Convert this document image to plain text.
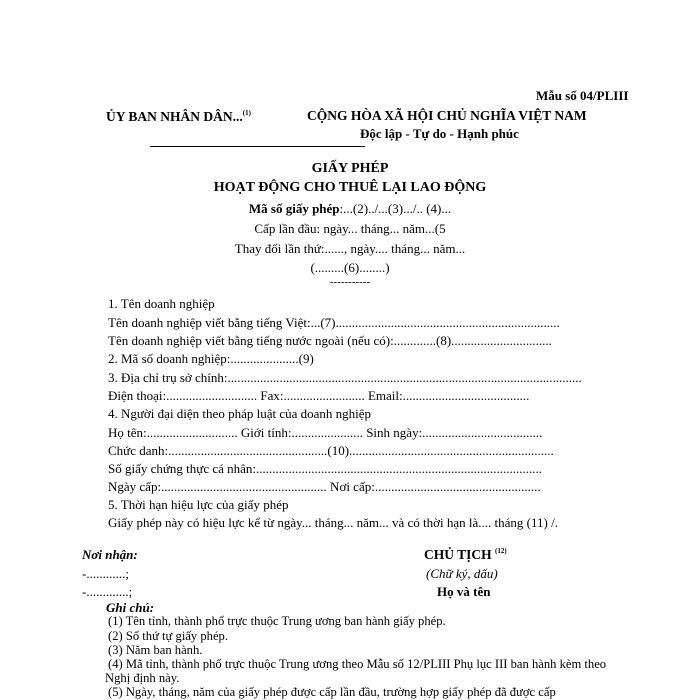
Mẫu số 04/PLIII
ỦY BAN NHÂN DÂN...$^{(1)}$	CỘNG HÒA XÃ HỘI CHỦ NGHĨA VIỆT NAM
Độc lập - Tự do - Hạnh phúc
GIẤY PHÉP
HOẠT ĐỘNG CHO THUÊ LẠI LAO ĐỘNG
Mã số giấy phép:...(2)../...(3).../.. (4)...
Cấp lần đầu: ngày... tháng... năm...(5
Thay đổi lần thứ:......, ngày.... tháng... năm...
(.........(6)........)
-----------
1. Tên doanh nghiệp
Tên doanh nghiệp viết bằng tiếng Việt:...(7).....................................................................
Tên doanh nghiệp viết bằng tiếng nước ngoài (nếu có):.............(8)...............................
2. Mã số doanh nghiệp:.....................(9)
3. Địa chỉ trụ sở chính:.............................................................................................................
Điện thoại:............................ Fax:......................... Email:.......................................
4. Người đại diện theo pháp luật của doanh nghiệp
Họ tên:............................ Giới tính:...................... Sinh ngày:.....................................
Chức danh:.................................................(10)...............................................................
Số giấy chứng thực cá nhân:........................................................................................
Ngày cấp:................................................... Nơi cấp:...................................................
5. Thời hạn hiệu lực của giấy phép
Giấy phép này có hiệu lực kể từ ngày... tháng... năm... và có thời hạn là.... tháng (11) /.
Nơi nhận:
-............;
-.............;
CHỦ TỊCH $^{(12)}$
(Chữ ký, dấu)
Họ và tên
Ghi chú:
(1) Tên tỉnh, thành phố trực thuộc Trung ương ban hành giấy phép.
(2) Số thứ tự giấy phép.
(3) Năm ban hành.
(4) Mã tỉnh, thành phố trực thuộc Trung ương theo Mẫu số 12/PLIII Phụ lục III ban hành kèm theo
Nghị định này.
(5) Ngày, tháng, năm của giấy phép được cấp lần đầu, trường hợp giấy phép đã được cấp
